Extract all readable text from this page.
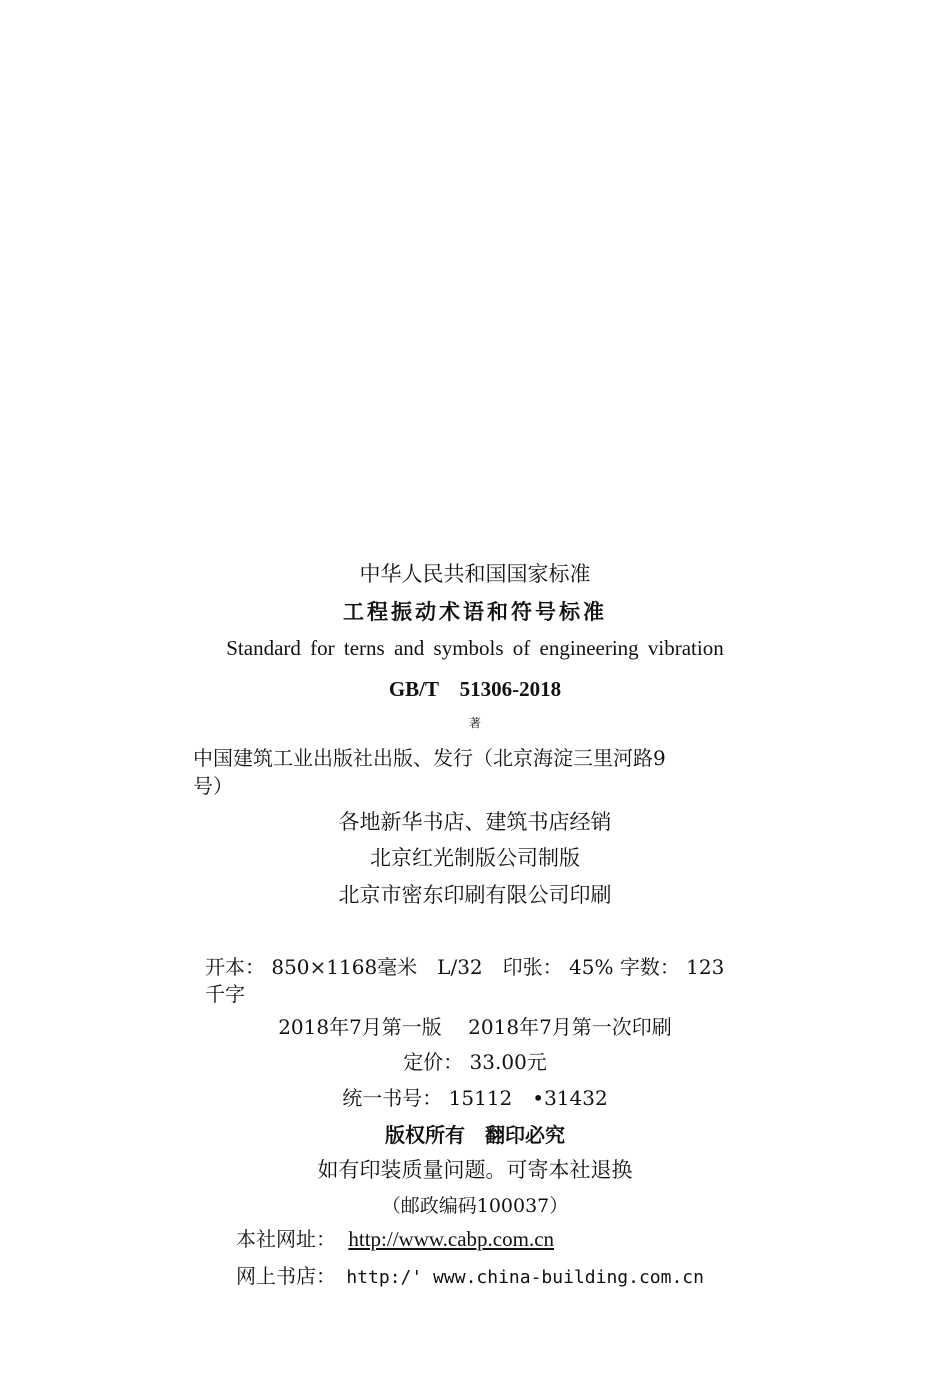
中华人民共和国国家标准
工程振动术语和符号标准
Standard for terns and symbols of engineering vibration
GB/T　51306-2018
著
中国建筑工业出版社出版、发行（北京海淀三里河路9
号）
各地新华书店、建筑书店经销
北京红光制版公司制版
北京市密东印刷有限公司印刷
开本： 850×1168毫米　L/32　印张： 45% 字数： 123
千字
2018年7月第一版　 2018年7月第一次印刷
定价： 33.00元
统一书号： 15112　•31432
版权所有　翻印必究
如有印装质量问题。可寄本社退换
（邮政编码100037）
本社网址： http://www.cabp.com.cn
网上书店： http:/' www.china-building.com.cn
